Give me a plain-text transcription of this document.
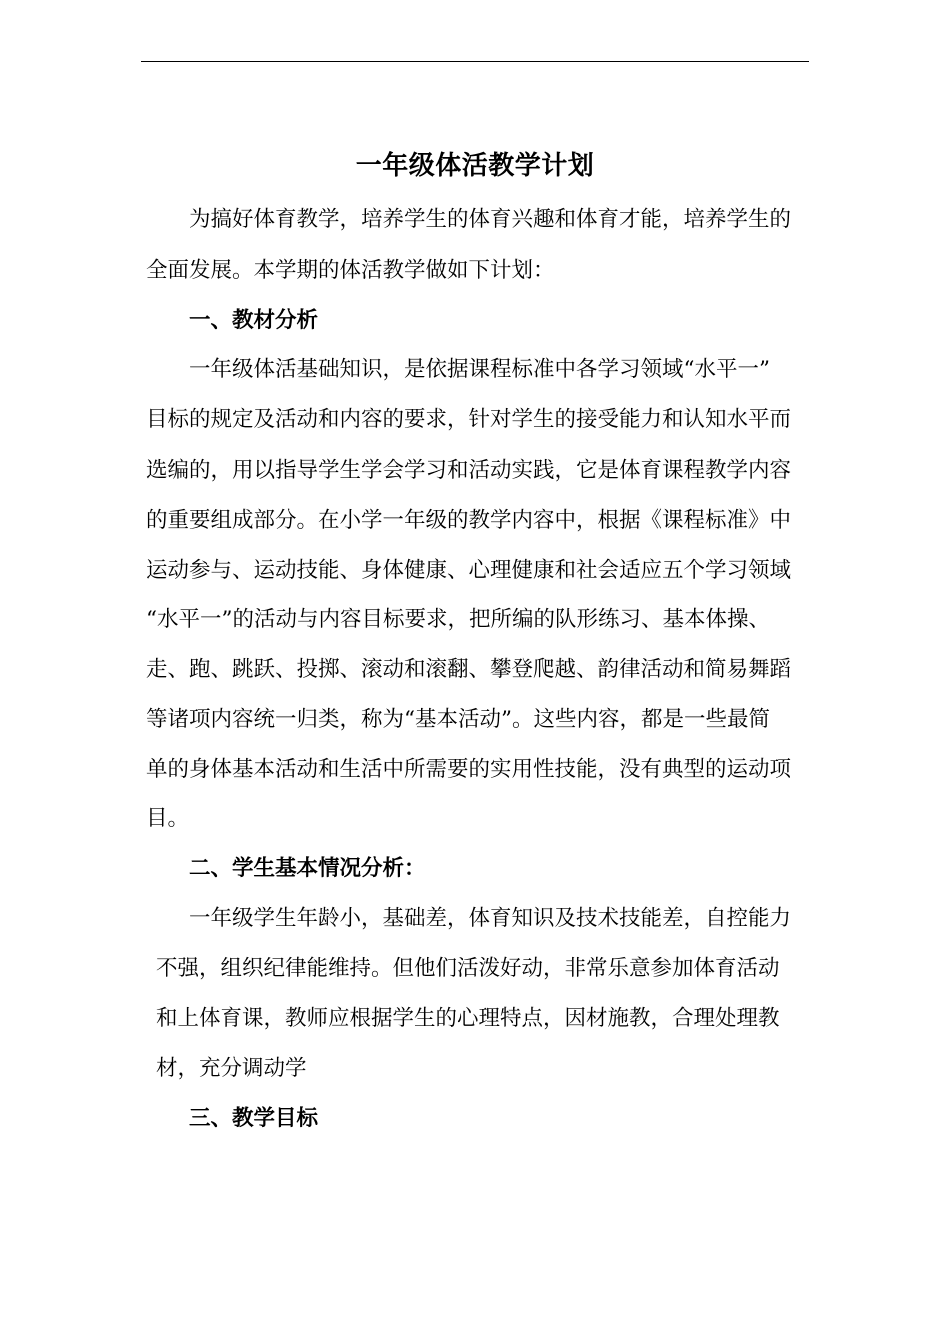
一年级体活教学计划

为搞好体育教学，培养学生的体育兴趣和体育才能，培养学生的

全面发展。本学期的体活教学做如下计划：

一、教材分析

一年级体活基础知识，是依据课程标准中各学习领域“水平一”

目标的规定及活动和内容的要求，针对学生的接受能力和认知水平而

选编的，用以指导学生学会学习和活动实践，它是体育课程教学内容

的重要组成部分。在小学一年级的教学内容中，根据《课程标准》中

运动参与、运动技能、身体健康、心理健康和社会适应五个学习领域

“水平一”的活动与内容目标要求，把所编的队形练习、基本体操、

走、跑、跳跃、投掷、滚动和滚翻、攀登爬越、韵律活动和简易舞蹈

等诸项内容统一归类，称为“基本活动”。这些内容，都是一些最简

单的身体基本活动和生活中所需要的实用性技能，没有典型的运动项

目。

二、学生基本情况分析：

一年级学生年龄小，基础差，体育知识及技术技能差，自控能力

不强，组织纪律能维持。但他们活泼好动，非常乐意参加体育活动

和上体育课，教师应根据学生的心理特点，因材施教，合理处理教

材，充分调动学

三、教学目标
